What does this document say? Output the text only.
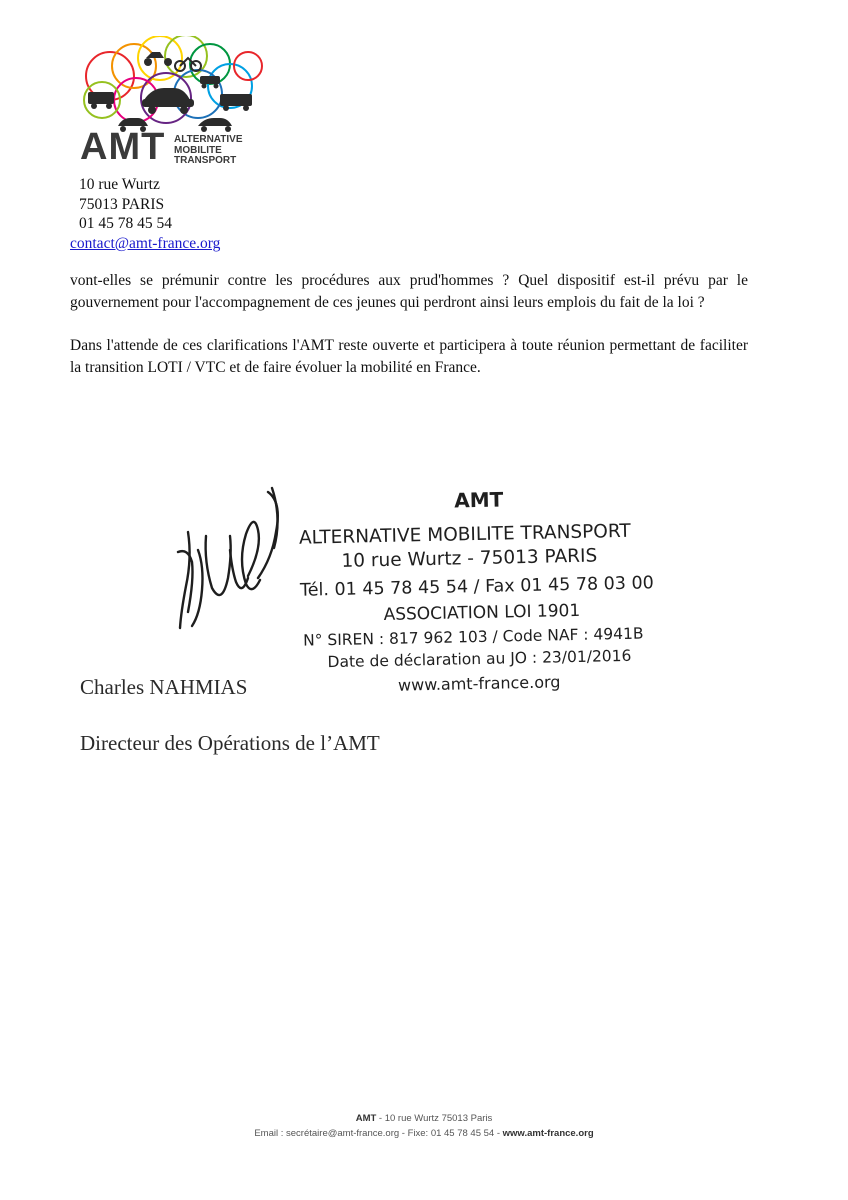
AMT ALTERNATIVE
MOBILITE
TRANSPORT
10 rue Wurtz
75013 PARIS
01 45 78 45 54
contact@amt-france.org

vont-elles se prémunir contre les procédures aux prud'hommes ? Quel dispositif est-il prévu par le gouvernement pour l'accompagnement de ces jeunes qui perdront ainsi leurs emplois du fait de la loi ?

Dans l'attende de ces clarifications l'AMT reste ouverte et participera à toute réunion permettant de faciliter la transition LOTI / VTC et de faire évoluer la mobilité en France.

AMT
ALTERNATIVE MOBILITE TRANSPORT
10 rue Wurtz - 75013 PARIS
Tél. 01 45 78 45 54 / Fax 01 45 78 03 00
ASSOCIATION LOI 1901
N° SIREN : 817 962 103 / Code NAF : 4941B
Date de déclaration au JO : 23/01/2016
www.amt-france.org
Charles NAHMIAS
Directeur des Opérations de l’AMT
AMT - 10 rue Wurtz 75013 Paris
Email : secrétaire@amt-france.org - Fixe: 01 45 78 45 54 - www.amt-france.org
